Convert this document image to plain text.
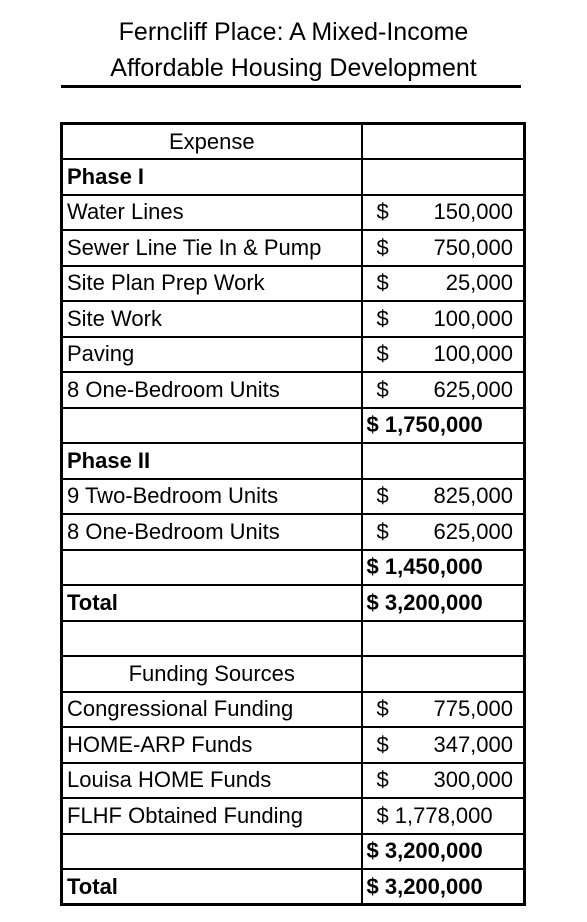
Ferncliff Place: A Mixed-Income
Affordable Housing Development
Expense	
Phase I	
Water Lines	$ 150,000

Sewer Line Tie In & Pump	$ 750,000

Site Plan Prep Work	$ 25,000

Site Work	$ 100,000

Paving	$ 100,000

8 One-Bedroom Units	$ 625,000

	$ 1,750,000
Phase II	
9 Two-Bedroom Units	$ 825,000

8 One-Bedroom Units	$ 625,000

	$ 1,450,000
Total	$ 3,200,000

Funding Sources	
Congressional Funding	$ 775,000

HOME-ARP Funds	$ 347,000

Louisa HOME Funds	$ 300,000

FLHF Obtained Funding	$ 1,778,000

	$ 3,200,000
Total	$ 3,200,000
